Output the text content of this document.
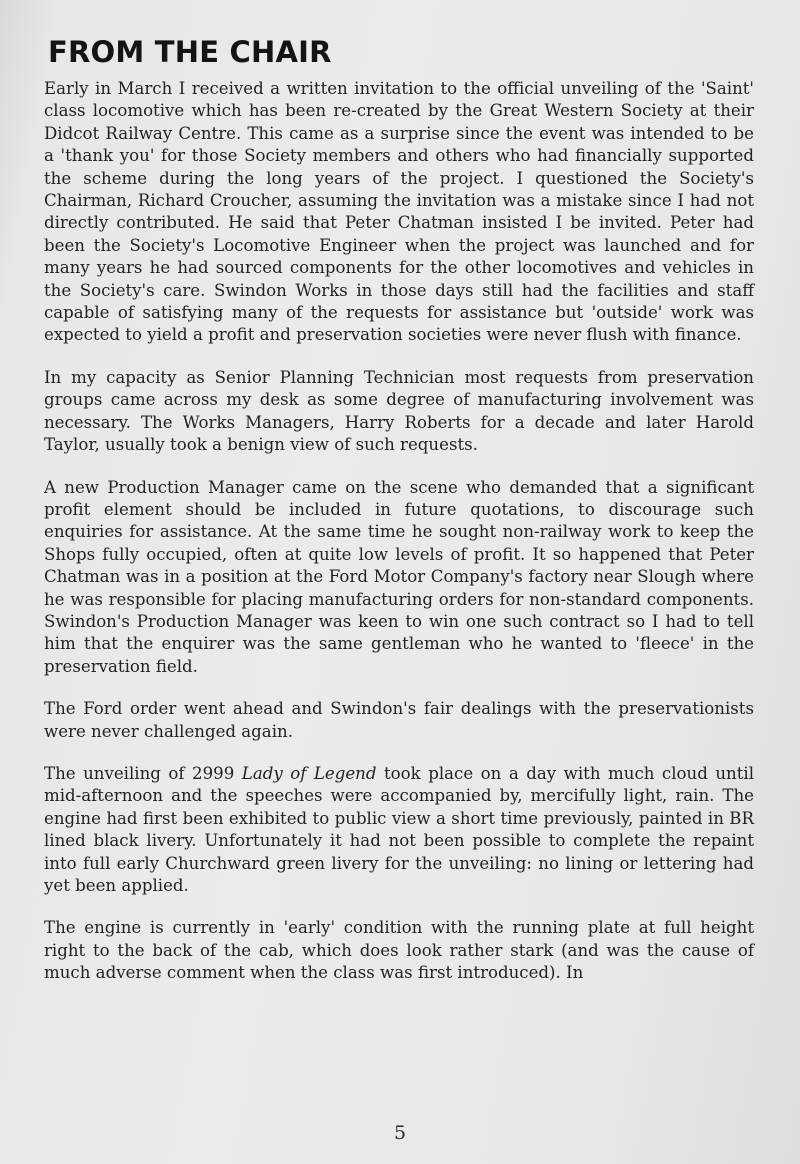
FROM THE CHAIR

Early in March I received a written invitation to the official unveiling of the 'Saint' class locomotive which has been re-created by the Great Western Society at their Didcot Railway Centre. This came as a surprise since the event was intended to be a 'thank you' for those Society members and others who had financially supported the scheme during the long years of the project. I questioned the Society's Chairman, Richard Croucher, assuming the invitation was a mistake since I had not directly contributed. He said that Peter Chatman insisted I be invited. Peter had been the Society's Locomotive Engineer when the project was launched and for many years he had sourced components for the other locomotives and vehicles in the Society's care. Swindon Works in those days still had the facilities and staff capable of satisfying many of the requests for assistance but 'outside' work was expected to yield a profit and preservation societies were never flush with finance.

In my capacity as Senior Planning Technician most requests from preservation groups came across my desk as some degree of manufacturing involvement was necessary. The Works Managers, Harry Roberts for a decade and later Harold Taylor, usually took a benign view of such requests.

A new Production Manager came on the scene who demanded that a significant profit element should be included in future quotations, to discourage such enquiries for assistance. At the same time he sought non-railway work to keep the Shops fully occupied, often at quite low levels of profit. It so happened that Peter Chatman was in a position at the Ford Motor Company's factory near Slough where he was responsible for placing manufacturing orders for non-standard components. Swindon's Production Manager was keen to win one such contract so I had to tell him that the enquirer was the same gentleman who he wanted to 'fleece' in the preservation field.

The Ford order went ahead and Swindon's fair dealings with the preservationists were never challenged again.

The unveiling of 2999 Lady of Legend took place on a day with much cloud until mid-afternoon and the speeches were accompanied by, mercifully light, rain. The engine had first been exhibited to public view a short time previously, painted in BR lined black livery. Unfortunately it had not been possible to complete the repaint into full early Churchward green livery for the unveiling: no lining or lettering had yet been applied.

The engine is currently in 'early' condition with the running plate at full height right to the back of the cab, which does look rather stark (and was the cause of much adverse comment when the class was first introduced). In

5
